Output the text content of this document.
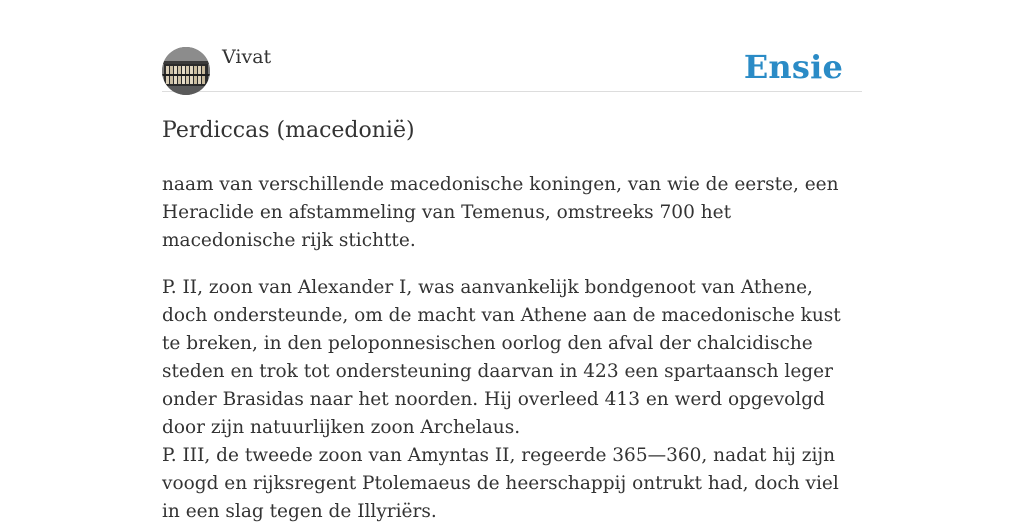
Vivat	Ensie
Perdiccas (macedonië)

naam van verschillende macedonische koningen, van wie de eerste, een Heraclide en afstammeling van Temenus, omstreeks 700 het macedonische rijk stichtte.

P. II, zoon van Alexander I, was aanvankelijk bondgenoot van Athene, doch ondersteunde, om de macht van Athene aan de macedonische kust te breken, in den peloponnesischen oorlog den afval der chalcidische steden en trok tot ondersteuning daarvan in 423 een spartaansch leger onder Brasidas naar het noorden. Hij overleed 413 en werd opgevolgd door zijn natuurlijken zoon Archelaus.

P. III, de tweede zoon van Amyntas II, regeerde 365—360, nadat hij zijn voogd en rijksregent Ptolemaeus de heerschappij ontrukt had, doch viel in een slag tegen de Illyriërs.
